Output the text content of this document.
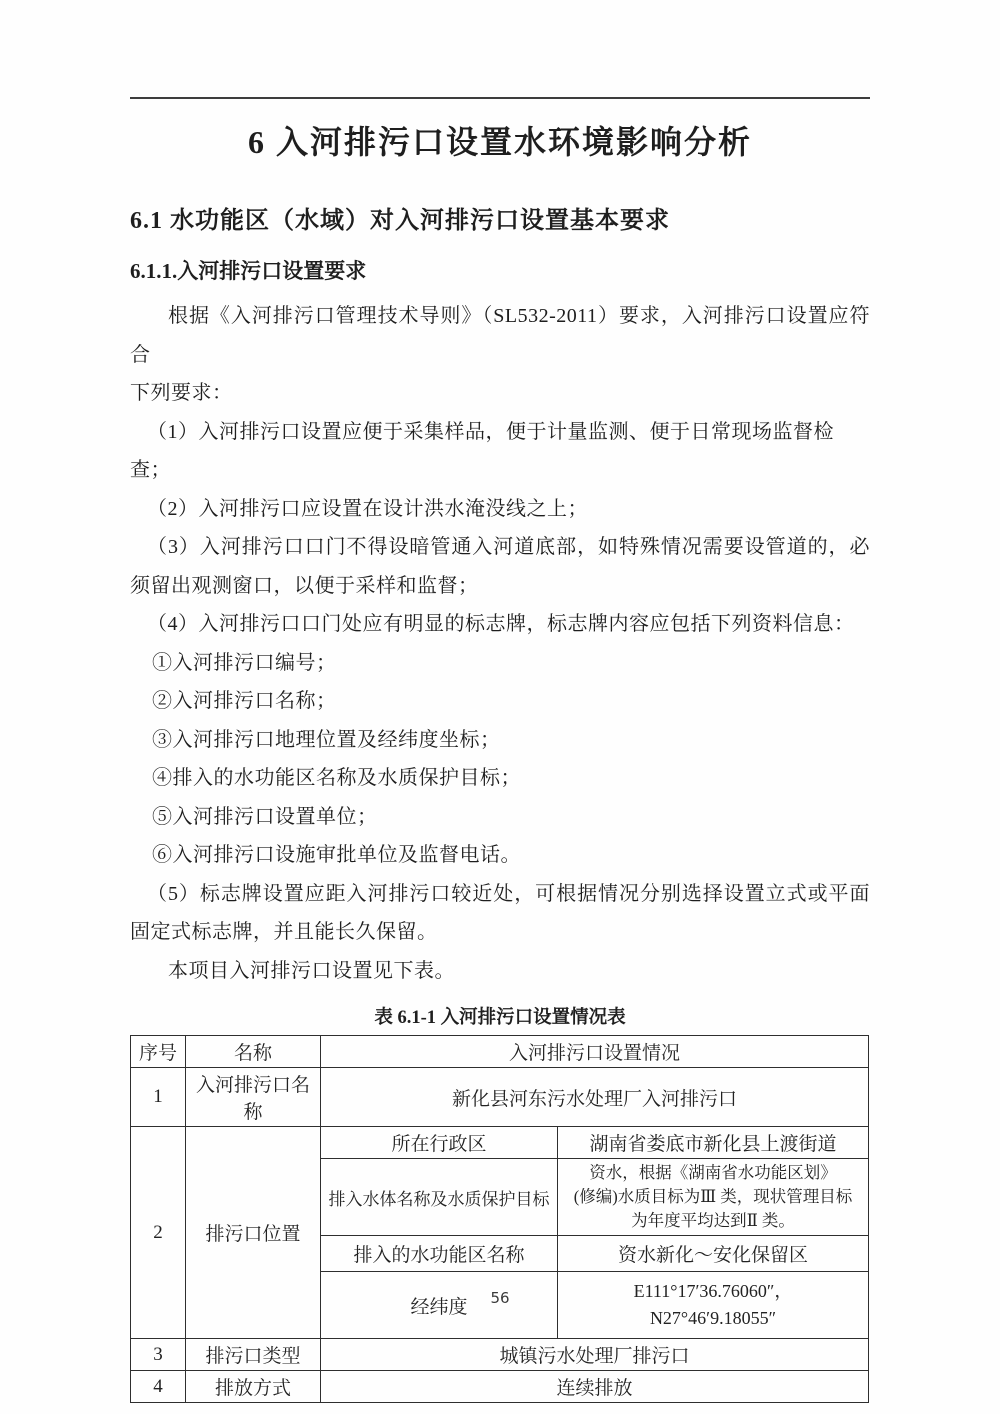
6 入河排污口设置水环境影响分析
6.1 水功能区（水域）对入河排污口设置基本要求
6.1.1.入河排污口设置要求
根据《入河排污口管理技术导则》（SL532-2011）要求，入河排污口设置应符合
下列要求：
（1）入河排污口设置应便于采集样品，便于计量监测、便于日常现场监督检查；
（2）入河排污口应设置在设计洪水淹没线之上；
（3）入河排污口口门不得设暗管通入河道底部，如特殊情况需要设管道的，必
须留出观测窗口，以便于采样和监督；
（4）入河排污口口门处应有明显的标志牌，标志牌内容应包括下列资料信息：
①入河排污口编号；
②入河排污口名称；
③入河排污口地理位置及经纬度坐标；
④排入的水功能区名称及水质保护目标；
⑤入河排污口设置单位；
⑥入河排污口设施审批单位及监督电话。
（5）标志牌设置应距入河排污口较近处，可根据情况分别选择设置立式或平面
固定式标志牌，并且能长久保留。
本项目入河排污口设置见下表。
表 6.1-1 入河排污口设置情况表
序号	名称	入河排污口设置情况	
1	入河排污口名称	新化县河东污水处理厂入河排污口	
2	排污口位置	所在行政区	湖南省娄底市新化县上渡街道
		排入水体名称及水质保护目标	资水，根据《湖南省水功能区划》
(修编)水质目标为Ⅲ 类，现状管理目标
为年度平均达到Ⅱ 类。

		排入的水功能区名称	资水新化～安化保留区
		经纬度	E111°17′36.76060″，
N27°46′9.18055″

3	排污口类型	城镇污水处理厂排污口	
4	排放方式	连续排放	
56
